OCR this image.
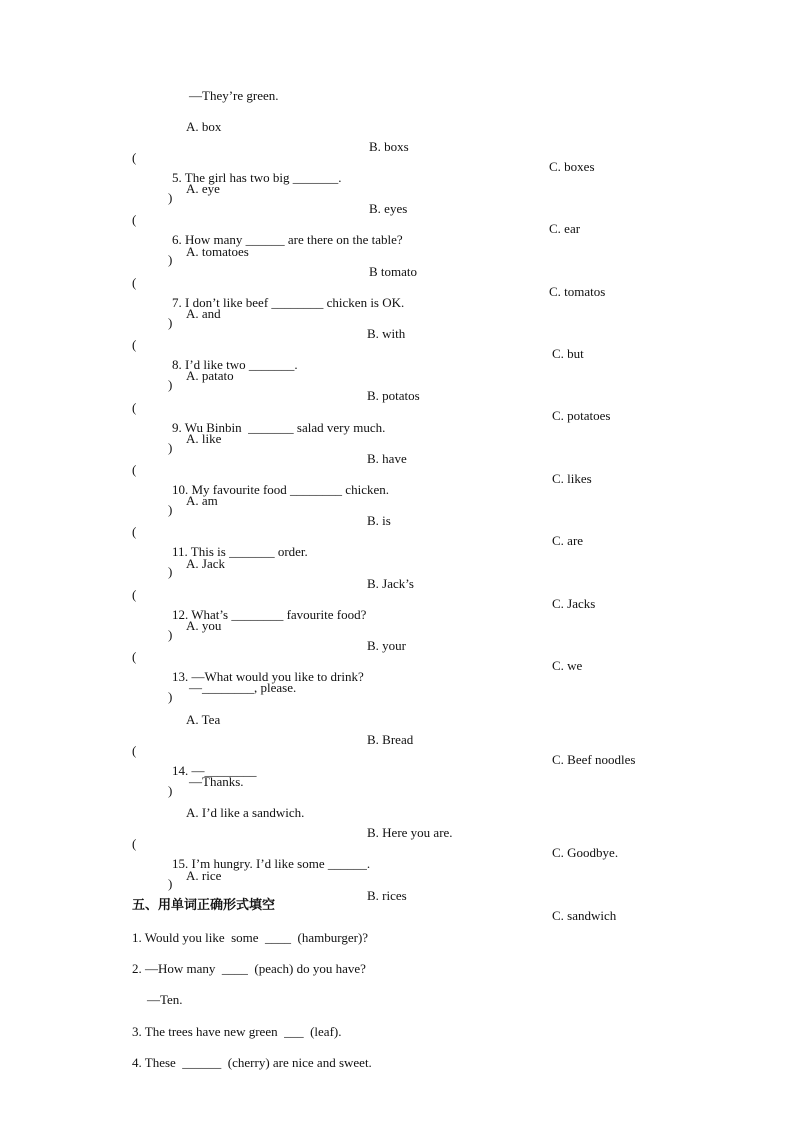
—They’re green.

A. box

B. boxs

C. boxes

(

5. The girl has two big _______.

)

A. eye

B. eyes

C. ear

(

6. How many ______ are there on the table?

)

A. tomatoes

B tomato

C. tomatos

(

7. I don’t like beef ________ chicken is OK.

)

A. and

B. with

C. but

(

8. I’d like two _______.

)

A. patato

B. potatos

C. potatoes

(

9. Wu Binbin  _______ salad very much.

)

A. like

B. have

C. likes

(

10. My favourite food ________ chicken.

)

A. am

B. is

C. are

(

11. This is _______ order.

)

A. Jack

B. Jack’s

C. Jacks

(

12. What’s ________ favourite food?

)

A. you

B. your

C. we

(

13. —What would you like to drink?

)

—________, please.

A. Tea

B. Bread

C. Beef noodles

(

14. —________

)

—Thanks.

A. I’d like a sandwich.

B. Here you are.

C. Goodbye.

(

15. I’m hungry. I’d like some ______.

)

A. rice

B. rices

C. sandwich

五、用单词正确形式填空

1. Would you like  some  ____  (hamburger)?

2. —How many  ____  (peach) do you have?

—Ten.

3. The trees have new green  ___  (leaf).

4. These  ______  (cherry) are nice and sweet.
